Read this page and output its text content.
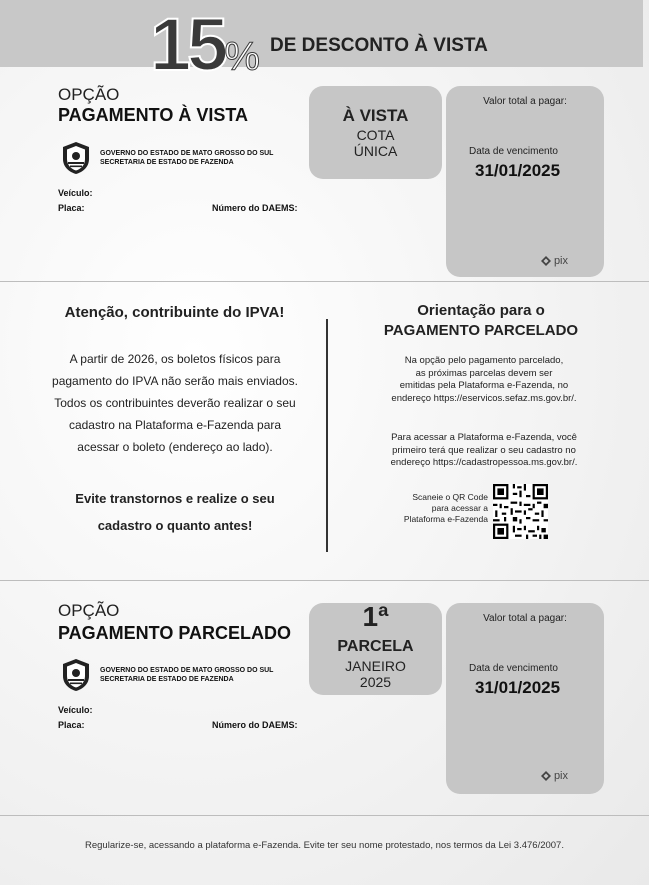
15% DE DESCONTO À VISTA
OPÇÃO
PAGAMENTO À VISTA
GOVERNO DO ESTADO DE MATO GROSSO DO SUL
SECRETARIA DE ESTADO DE FAZENDA
Veículo:
Placa:	Número do DAEMS:
À VISTA
COTA
ÚNICA
Valor total a pagar:
Data de vencimento
31/01/2025
pix
Atenção, contribuinte do IPVA!
A partir de 2026, os boletos físicos para
pagamento do IPVA não serão mais enviados.
Todos os contribuintes deverão realizar o seu
cadastro na Plataforma e-Fazenda para
acessar o boleto (endereço ao lado).
Evite transtornos e realize o seu
cadastro o quanto antes!
Orientação para o
PAGAMENTO PARCELADO
Na opção pelo pagamento parcelado,
as próximas parcelas devem ser
emitidas pela Plataforma e-Fazenda, no
endereço https://eservicos.sefaz.ms.gov.br/.
Para acessar a Plataforma e-Fazenda, você
primeiro terá que realizar o seu cadastro no
endereço https://cadastropessoa.ms.gov.br/.
Scaneie o QR Code
para acessar a
Plataforma e-Fazenda
OPÇÃO
PAGAMENTO PARCELADO
GOVERNO DO ESTADO DE MATO GROSSO DO SUL
SECRETARIA DE ESTADO DE FAZENDA
Veículo:
Placa:	Número do DAEMS:
1ª
PARCELA
JANEIRO
2025
Valor total a pagar:
Data de vencimento
31/01/2025
pix
Regularize-se, acessando a plataforma e-Fazenda. Evite ter seu nome protestado, nos termos da Lei 3.476/2007.
